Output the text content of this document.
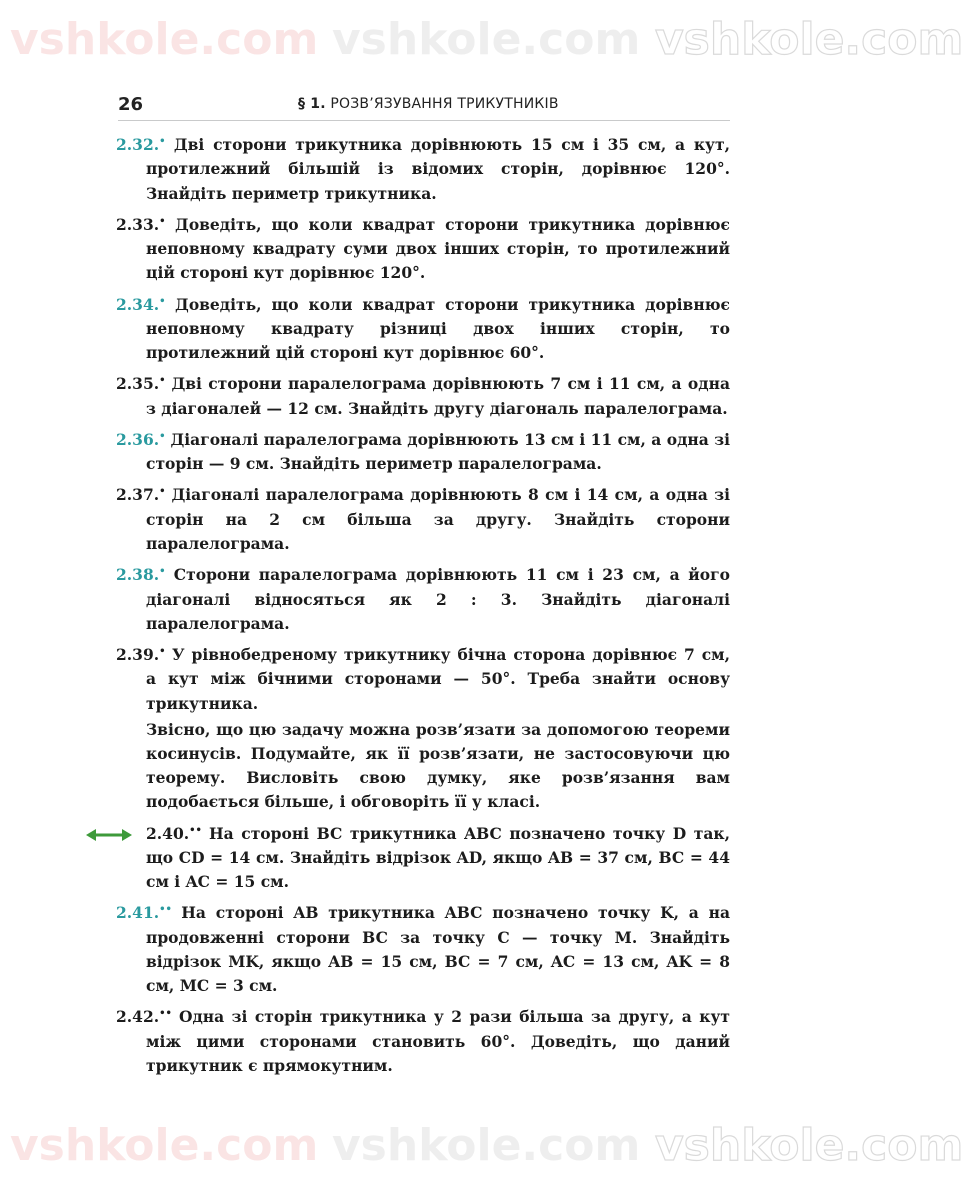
vshkole.com vshkole.com vshkole.com
vshkole.com vshkole.com vshkole.com
26	§ 1. РОЗВ’ЯЗУВАННЯ ТРИКУТНИКІВ

2.32.• Дві сторони трикутника дорівнюють 15 см і 35 см, а кут, протилежний більшій із відомих сторін, дорівнює 120°. Знайдіть периметр трикутника.

2.33.• Доведіть, що коли квадрат сторони трикутника дорівнює неповному квадрату суми двох інших сторін, то протилежний цій стороні кут дорівнює 120°.

2.34.• Доведіть, що коли квадрат сторони трикутника дорівнює неповному квадрату різниці двох інших сторін, то протилежний цій стороні кут дорівнює 60°.

2.35.• Дві сторони паралелограма дорівнюють 7 см і 11 см, а одна з діагоналей — 12 см. Знайдіть другу діагональ паралелограма.

2.36.• Діагоналі паралелограма дорівнюють 13 см і 11 см, а одна зі сторін — 9 см. Знайдіть периметр паралелограма.

2.37.• Діагоналі паралелограма дорівнюють 8 см і 14 см, а одна зі сторін на 2 см більша за другу. Знайдіть сторони паралелограма.

2.38.• Сторони паралелограма дорівнюють 11 см і 23 см, а його діагоналі відносяться як 2 : 3. Знайдіть діагоналі паралелограма.

2.39.• У рівнобедреному трикутнику бічна сторона дорівнює 7 см, а кут між бічними сторонами — 50°. Треба знайти основу трикутника.

Звісно, що цю задачу можна розв’язати за допомогою теореми косинусів. Подумайте, як її розв’язати, не застосовуючи цю теорему. Висловіть свою думку, яке розв’язання вам подобається більше, і обговоріть її у класі.

2.40.•• На стороні BC трикутника ABC позначено точку D так, що CD = 14 см. Знайдіть відрізок AD, якщо AB = 37 см, BC = 44 см і AC = 15 см.

2.41.•• На стороні AB трикутника ABC позначено точку K, а на продовженні сторони BC за точку C — точку M. Знайдіть відрізок MK, якщо AB = 15 см, BC = 7 см, AC = 13 см, AK = 8 см, MC = 3 см.

2.42.•• Одна зі сторін трикутника у 2 рази більша за другу, а кут між цими сторонами становить 60°. Доведіть, що даний трикутник є прямокутним.
